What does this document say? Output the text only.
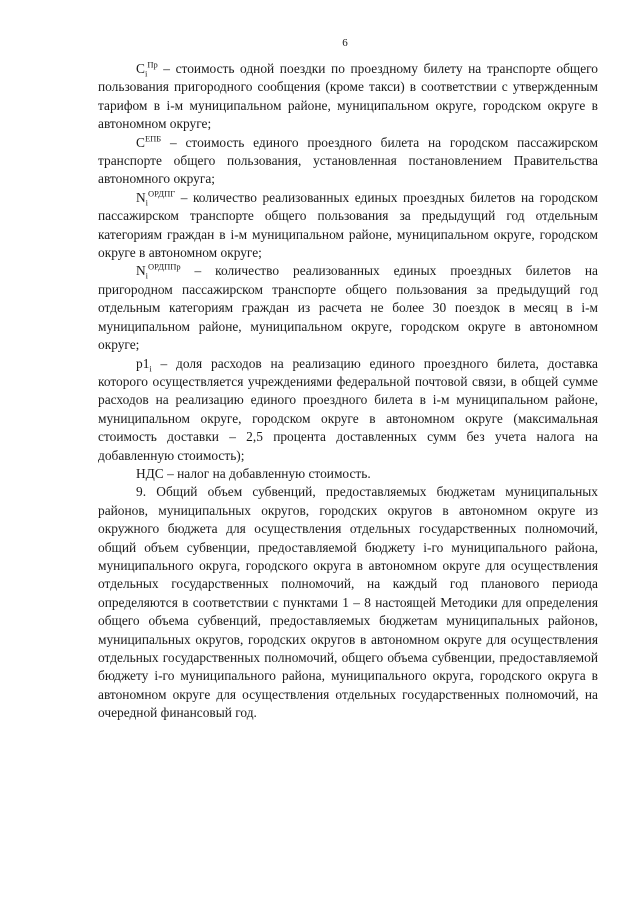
6

$C_i^{Пр}$ – стоимость одной поездки по проездному билету на транспорте общего пользования пригородного сообщения (кроме такси) в соответствии с утвержденным тарифом в i-м муниципальном районе, муниципальном округе, городском округе в автономном округе;

$C^{ЕПБ}$ – стоимость единого проездного билета на городском пассажирском транспорте общего пользования, установленная постановлением Правительства автономного округа;

$N_i^{ОРДПГ}$ – количество реализованных единых проездных билетов на городском пассажирском транспорте общего пользования за предыдущий год отдельным категориям граждан в i-м муниципальном районе, муниципальном округе, городском округе в автономном округе;

$N_i^{ОРДППр}$ – количество реализованных единых проездных билетов на пригородном пассажирском транспорте общего пользования за предыдущий год отдельным категориям граждан из расчета не более 30 поездок в месяц в i-м муниципальном районе, муниципальном округе, городском округе в автономном округе;

$p1_i$ – доля расходов на реализацию единого проездного билета, доставка которого осуществляется учреждениями федеральной почтовой связи, в общей сумме расходов на реализацию единого проездного билета в i-м муниципальном районе, муниципальном округе, городском округе в автономном округе (максимальная стоимость доставки – 2,5 процента доставленных сумм без учета налога на добавленную стоимость);

НДС – налог на добавленную стоимость.

9. Общий объем субвенций, предоставляемых бюджетам муниципальных районов, муниципальных округов, городских округов в автономном округе из окружного бюджета для осуществления отдельных государственных полномочий, общий объем субвенции, предоставляемой бюджету i-го муниципального района, муниципального округа, городского округа в автономном округе для осуществления отдельных государственных полномочий, на каждый год планового периода определяются в соответствии с пунктами 1 – 8 настоящей Методики для определения общего объема субвенций, предоставляемых бюджетам муниципальных районов, муниципальных округов, городских округов в автономном округе для осуществления отдельных государственных полномочий, общего объема субвенции, предоставляемой бюджету i-го муниципального района, муниципального округа, городского округа в автономном округе для осуществления отдельных государственных полномочий, на очередной финансовый год.
